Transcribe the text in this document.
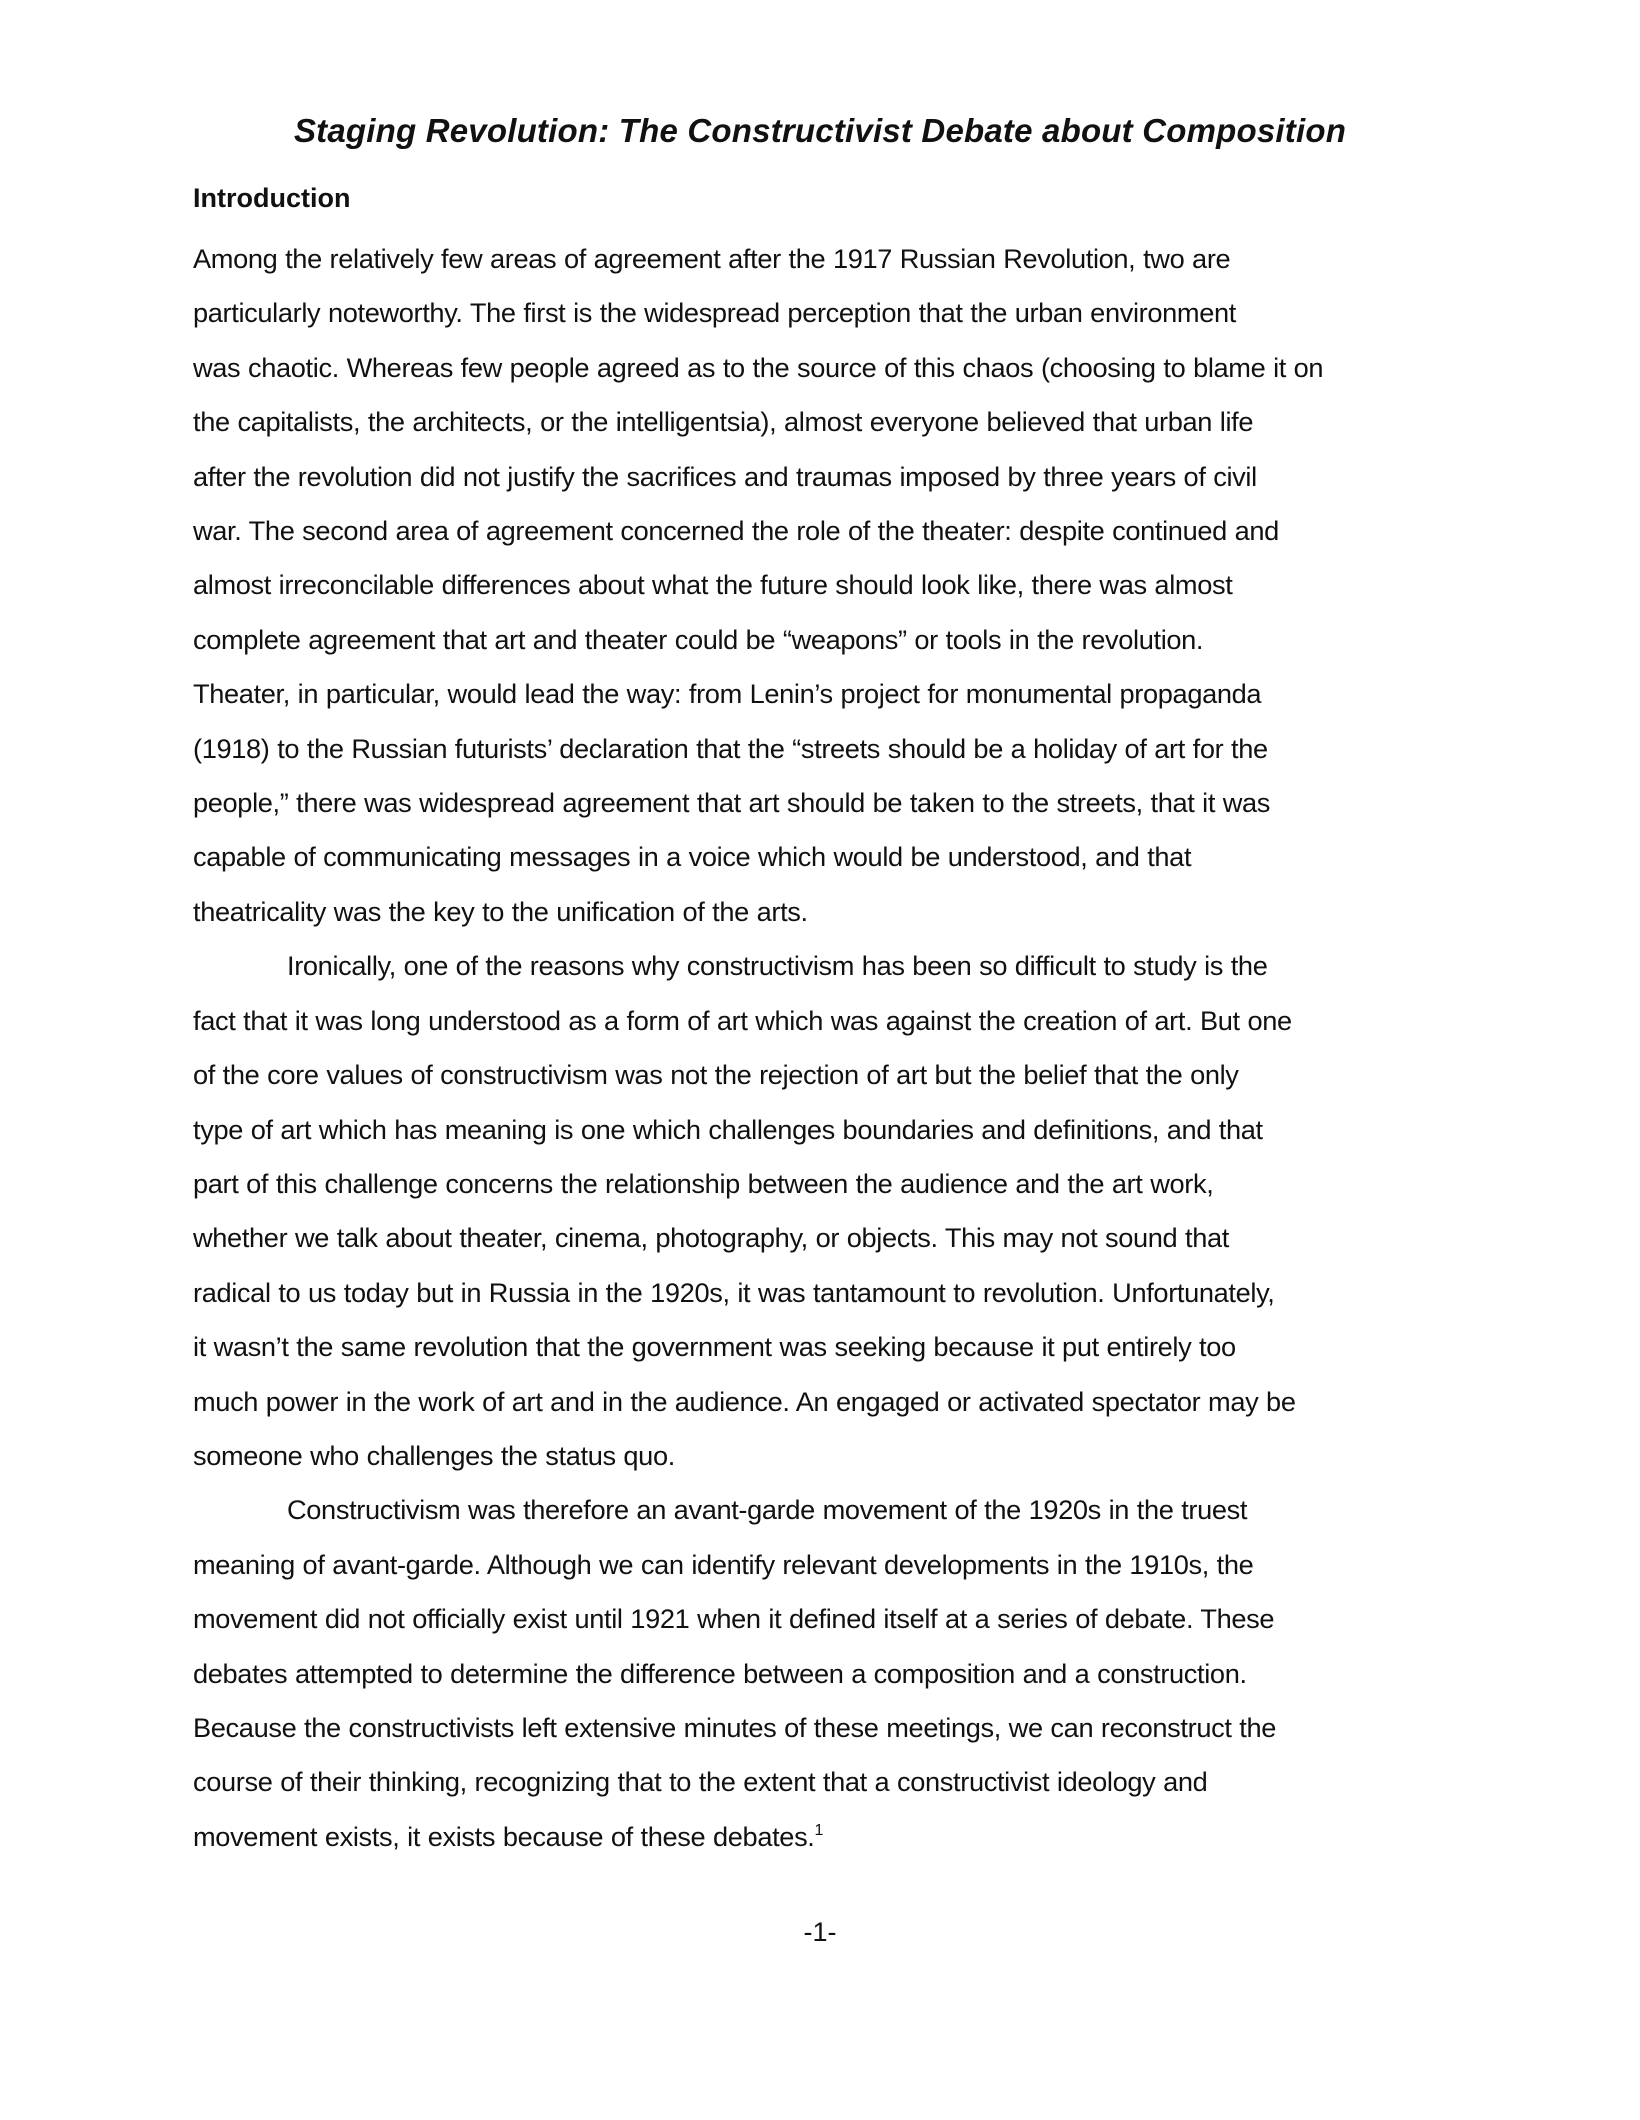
Staging Revolution: The Constructivist Debate about Composition
Introduction

Among the relatively few areas of agreement after the 1917 Russian Revolution, two are
particularly noteworthy. The first is the widespread perception that the urban environment
was chaotic. Whereas few people agreed as to the source of this chaos (choosing to blame it on
the capitalists, the architects, or the intelligentsia), almost everyone believed that urban life
after the revolution did not justify the sacrifices and traumas imposed by three years of civil
war. The second area of agreement concerned the role of the theater: despite continued and
almost irreconcilable differences about what the future should look like, there was almost
complete agreement that art and theater could be “weapons” or tools in the revolution.
Theater, in particular, would lead the way: from Lenin’s project for monumental propaganda
(1918) to the Russian futurists’ declaration that the “streets should be a holiday of art for the
people,” there was widespread agreement that art should be taken to the streets, that it was
capable of communicating messages in a voice which would be understood, and that
theatricality was the key to the unification of the arts.

Ironically, one of the reasons why constructivism has been so difficult to study is the
fact that it was long understood as a form of art which was against the creation of art. But one
of the core values of constructivism was not the rejection of art but the belief that the only
type of art which has meaning is one which challenges boundaries and definitions, and that
part of this challenge concerns the relationship between the audience and the art work,
whether we talk about theater, cinema, photography, or objects. This may not sound that
radical to us today but in Russia in the 1920s, it was tantamount to revolution. Unfortunately,
it wasn’t the same revolution that the government was seeking because it put entirely too
much power in the work of art and in the audience. An engaged or activated spectator may be
someone who challenges the status quo.

Constructivism was therefore an avant-garde movement of the 1920s in the truest
meaning of avant-garde. Although we can identify relevant developments in the 1910s, the
movement did not officially exist until 1921 when it defined itself at a series of debate. These
debates attempted to determine the difference between a composition and a construction.
Because the constructivists left extensive minutes of these meetings, we can reconstruct the
course of their thinking, recognizing that to the extent that a constructivist ideology and
movement exists, it exists because of these debates.$^1$

-1-
